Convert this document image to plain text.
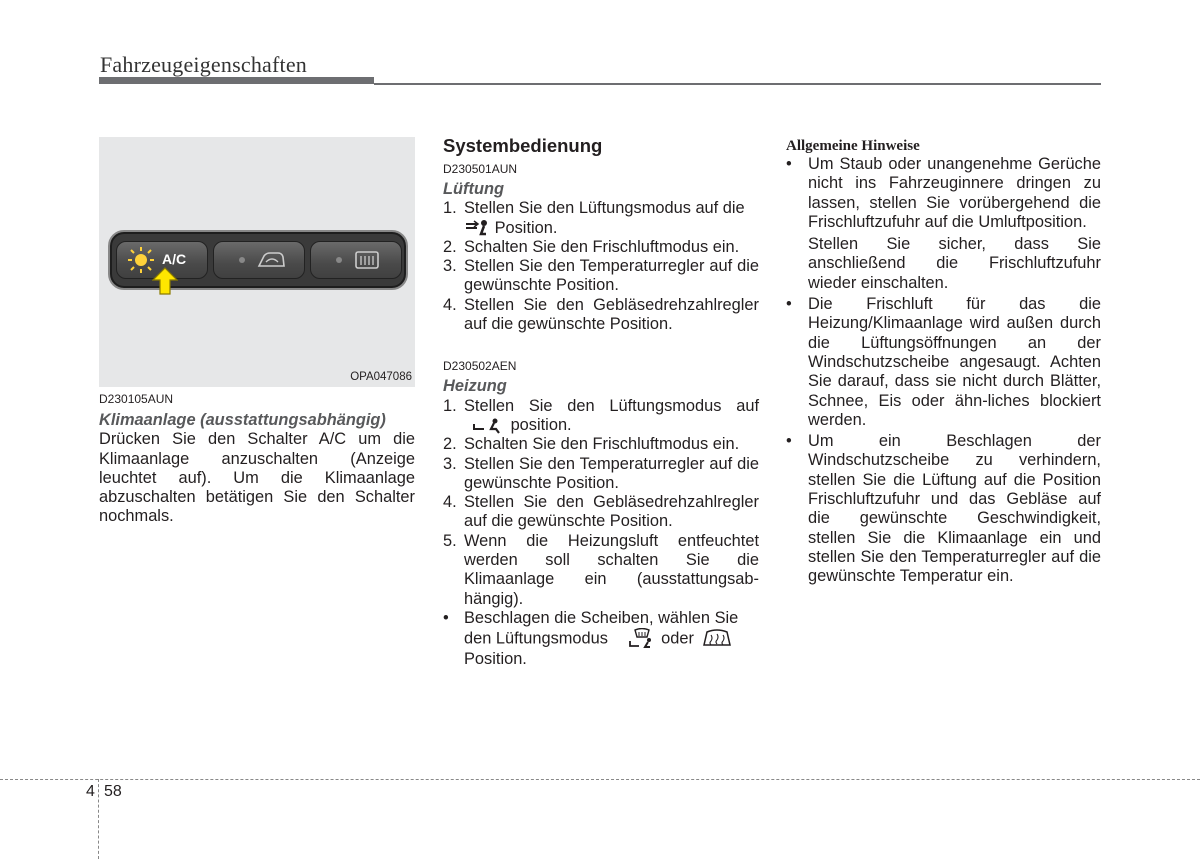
Fahrzeugeigenschaften
A/C
OPA047086
D230105AUN
Klimaanlage (ausstattungsabhängig)
Drücken Sie den Schalter A/C um die Klimaanlage anzuschalten (Anzeige leuchtet auf). Um die Klimaanlage abzuschalten betätigen Sie den Schalter nochmals.
Systembedienung
D230501AUN
Lüftung
1. Stellen Sie den Lüftungsmodus auf die
Position.
2. Schalten Sie den Frischluftmodus ein.
3. Stellen Sie den Temperaturregler auf die gewünschte Position.
4. Stellen Sie den Gebläsedrehzahlregler auf die gewünschte Position.
D230502AEN
Heizung
1. Stellen Sie den Lüftungsmodus auf
position.
2. Schalten Sie den Frischluftmodus ein.
3. Stellen Sie den Temperaturregler auf die gewünschte Position.
4. Stellen Sie den Gebläsedrehzahlregler auf die gewünschte Position.
5. Wenn die Heizungsluft entfeuchtet werden soll schalten Sie die Klimaanlage ein (ausstattungsab-hängig).
• Beschlagen die Scheiben, wählen Sie den Lüftungsmodus	oder
Position.
Allgemeine Hinweise
• Um Staub oder unangenehme Gerüche nicht ins Fahrzeuginnere dringen zu lassen, stellen Sie vorübergehend die Frischluftzufuhr auf die Umluftposition.
Stellen Sie sicher, dass Sie anschließend die Frischluftzufuhr wieder einschalten.
• Die Frischluft für das die Heizung/Klimaanlage wird außen durch die Lüftungsöffnungen an der Windschutzscheibe angesaugt. Achten Sie darauf, dass sie nicht durch Blätter, Schnee, Eis oder ähn-liches blockiert werden.
• Um ein Beschlagen der Windschutzscheibe zu verhindern, stellen Sie die Lüftung auf die Position Frischluftzufuhr und das Gebläse auf die gewünschte Geschwindigkeit, stellen Sie die Klimaanlage ein und stellen Sie den Temperaturregler auf die gewünschte Temperatur ein.
4 58
